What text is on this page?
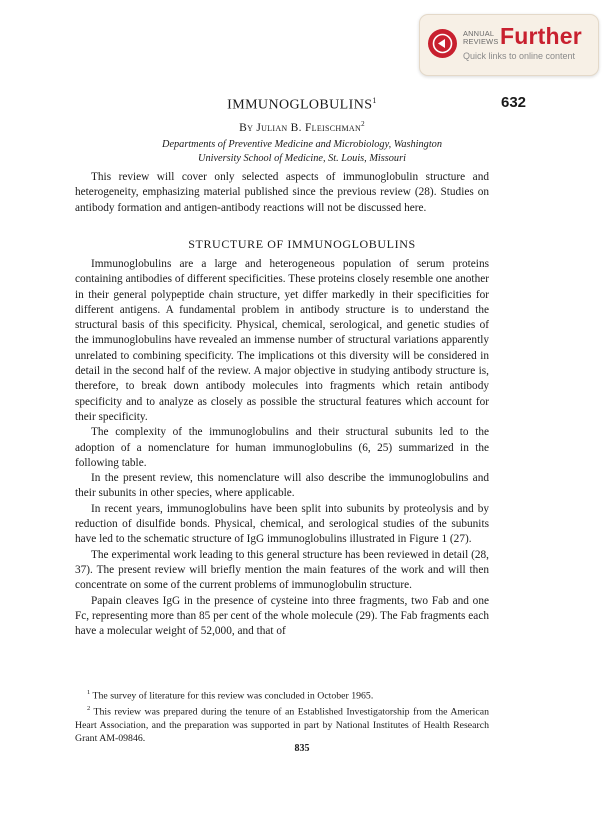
ANNUAL
REVIEWS Further
Quick links to online content
632
IMMUNOGLOBULINS$^1$
By Julian B. Fleischman$^2$
Departments of Preventive Medicine and Microbiology, Washington
University School of Medicine, St. Louis, Missouri

This review will cover only selected aspects of immunoglobulin structure and heterogeneity, emphasizing material published since the previous review (28). Studies on antibody formation and antigen-antibody reactions will not be discussed here.

STRUCTURE OF IMMUNOGLOBULINS

Immunoglobulins are a large and heterogeneous population of serum proteins containing antibodies of different specificities. These proteins closely resemble one another in their general polypeptide chain structure, yet differ markedly in their specificities for different antigens. A fundamental problem in antibody structure is to understand the structural basis of this specificity. Physical, chemical, serological, and genetic studies of the immunoglobulins have revealed an immense number of structural variations apparently unrelated to combining specificity. The implications ot this diversity will be considered in detail in the second half of the review. A major objective in studying antibody structure is, therefore, to break down antibody molecules into fragments which retain antibody specificity and to analyze as closely as possible the structural features which account for their specificity.

The complexity of the immunoglobulins and their structural subunits led to the adoption of a nomenclature for human immunoglobulins (6, 25) summarized in the following table.

In the present review, this nomenclature will also describe the immunoglobulins and their subunits in other species, where applicable.

In recent years, immunoglobulins have been split into subunits by proteolysis and by reduction of disulfide bonds. Physical, chemical, and serological studies of the subunits have led to the schematic structure of IgG immunoglobulins illustrated in Figure 1 (27).

The experimental work leading to this general structure has been reviewed in detail (28, 37). The present review will briefly mention the main features of the work and will then concentrate on some of the current problems of immunoglobulin structure.

Papain cleaves IgG in the presence of cysteine into three fragments, two Fab and one Fc, representing more than 85 per cent of the whole molecule (29). The Fab fragments each have a molecular weight of 52,000, and that of

$^1$ The survey of literature for this review was concluded in October 1965.

$^2$ This review was prepared during the tenure of an Established Investigatorship from the American Heart Association, and the preparation was supported in part by National Institutes of Health Research Grant AM-09846.

835
